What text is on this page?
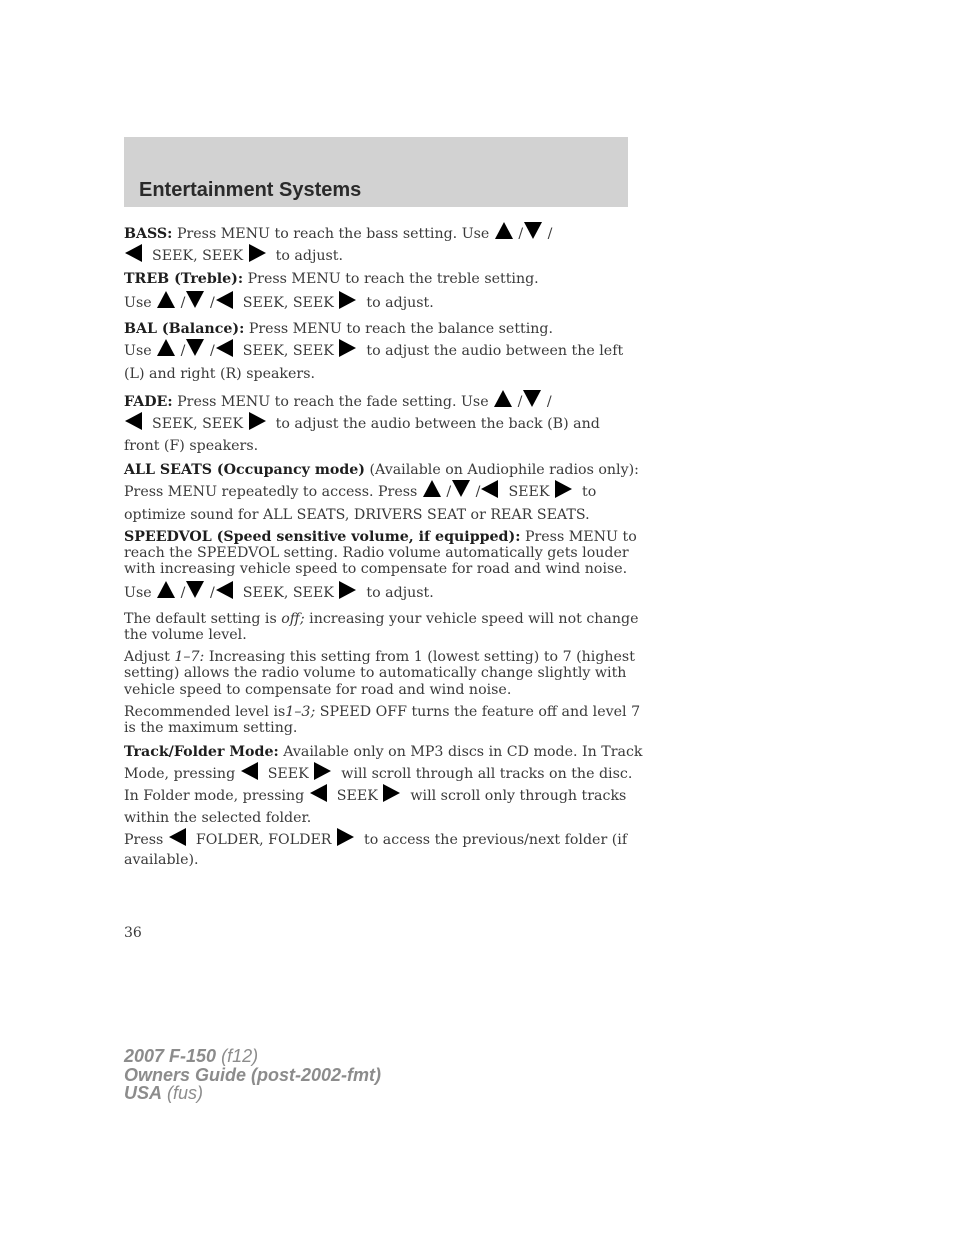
Entertainment Systems

BASS: Press MENU to reach the bass setting. Use  / /
SEEK, SEEK to adjust.

TREB (Treble): Press MENU to reach the treble setting.
Use  / / SEEK, SEEK to adjust.

BAL (Balance): Press MENU to reach the balance setting.
Use  / / SEEK, SEEK to adjust the audio between the left
(L) and right (R) speakers.

FADE: Press MENU to reach the fade setting. Use  / /
SEEK, SEEK to adjust the audio between the back (B) and
front (F) speakers.

ALL SEATS (Occupancy mode) (Available on Audiophile radios only):
Press MENU repeatedly to access. Press  / / SEEK to
optimize sound for ALL SEATS, DRIVERS SEAT or REAR SEATS.

SPEEDVOL (Speed sensitive volume, if equipped): Press MENU to
reach the SPEEDVOL setting. Radio volume automatically gets louder
with increasing vehicle speed to compensate for road and wind noise.

Use  / / SEEK, SEEK to adjust.

The default setting is off; increasing your vehicle speed will not change
the volume level.

Adjust 1–7: Increasing this setting from 1 (lowest setting) to 7 (highest
setting) allows the radio volume to automatically change slightly with
vehicle speed to compensate for road and wind noise.

Recommended level is1–3; SPEED OFF turns the feature off and level 7
is the maximum setting.

Track/Folder Mode: Available only on MP3 discs in CD mode. In Track
Mode, pressing SEEK will scroll through all tracks on the disc.
In Folder mode, pressing SEEK will scroll only through tracks
within the selected folder.
Press FOLDER, FOLDER to access the previous/next folder (if
available).

36
2007 F-150 (f12)
Owners Guide (post-2002-fmt)
USA (fus)
